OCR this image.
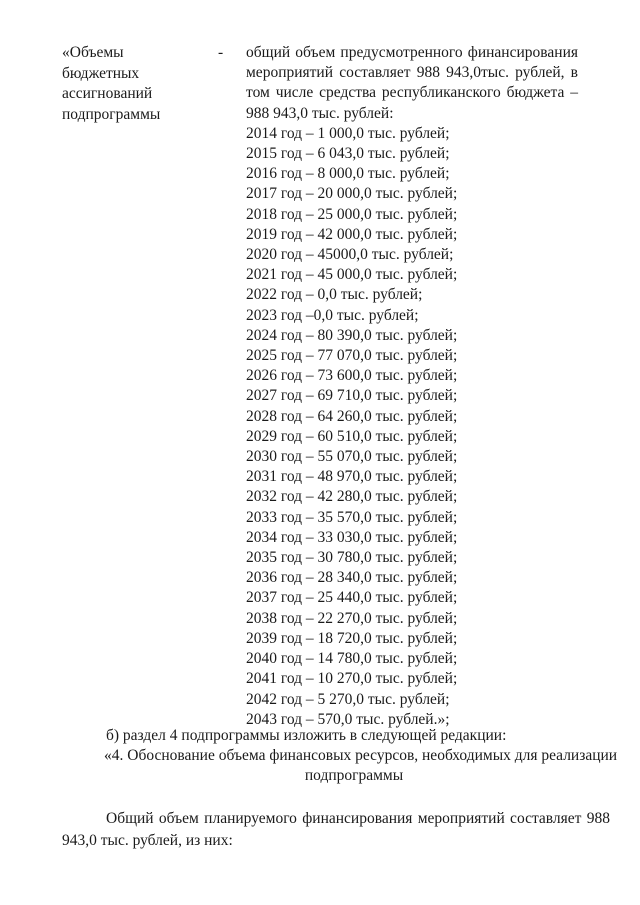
«Объемы бюджетных
ассигнований
подпрограммы
- общий объем предусмотренного финансирования мероприятий составляет 988 943,0тыс. рублей, в том числе средства республиканского бюджета – 988 943,0 тыс. рублей:

2014 год – 1 000,0 тыс. рублей;
2015 год – 6 043,0 тыс. рублей;
2016 год – 8 000,0 тыс. рублей;
2017 год – 20 000,0 тыс. рублей;
2018 год – 25 000,0 тыс. рублей;
2019 год – 42 000,0 тыс. рублей;
2020 год – 45000,0 тыс. рублей;
2021 год – 45 000,0 тыс. рублей;
2022 год – 0,0 тыс. рублей;
2023 год –0,0 тыс. рублей;
2024 год – 80 390,0 тыс. рублей;
2025 год – 77 070,0 тыс. рублей;
2026 год – 73 600,0 тыс. рублей;
2027 год – 69 710,0 тыс. рублей;
2028 год – 64 260,0 тыс. рублей;
2029 год – 60 510,0 тыс. рублей;
2030 год – 55 070,0 тыс. рублей;
2031 год – 48 970,0 тыс. рублей;
2032 год – 42 280,0 тыс. рублей;
2033 год – 35 570,0 тыс. рублей;
2034 год – 33 030,0 тыс. рублей;
2035 год – 30 780,0 тыс. рублей;
2036 год – 28 340,0 тыс. рублей;
2037 год – 25 440,0 тыс. рублей;
2038 год – 22 270,0 тыс. рублей;
2039 год – 18 720,0 тыс. рублей;
2040 год – 14 780,0 тыс. рублей;
2041 год – 10 270,0 тыс. рублей;
2042 год – 5 270,0 тыс. рублей;
2043 год – 570,0 тыс. рублей.»;
б) раздел 4 подпрограммы изложить в следующей редакции:
«4. Обоснование объема финансовых ресурсов, необходимых для реализации
подпрограммы
Общий объем планируемого финансирования мероприятий составляет 988 943,0 тыс. рублей, из них:
